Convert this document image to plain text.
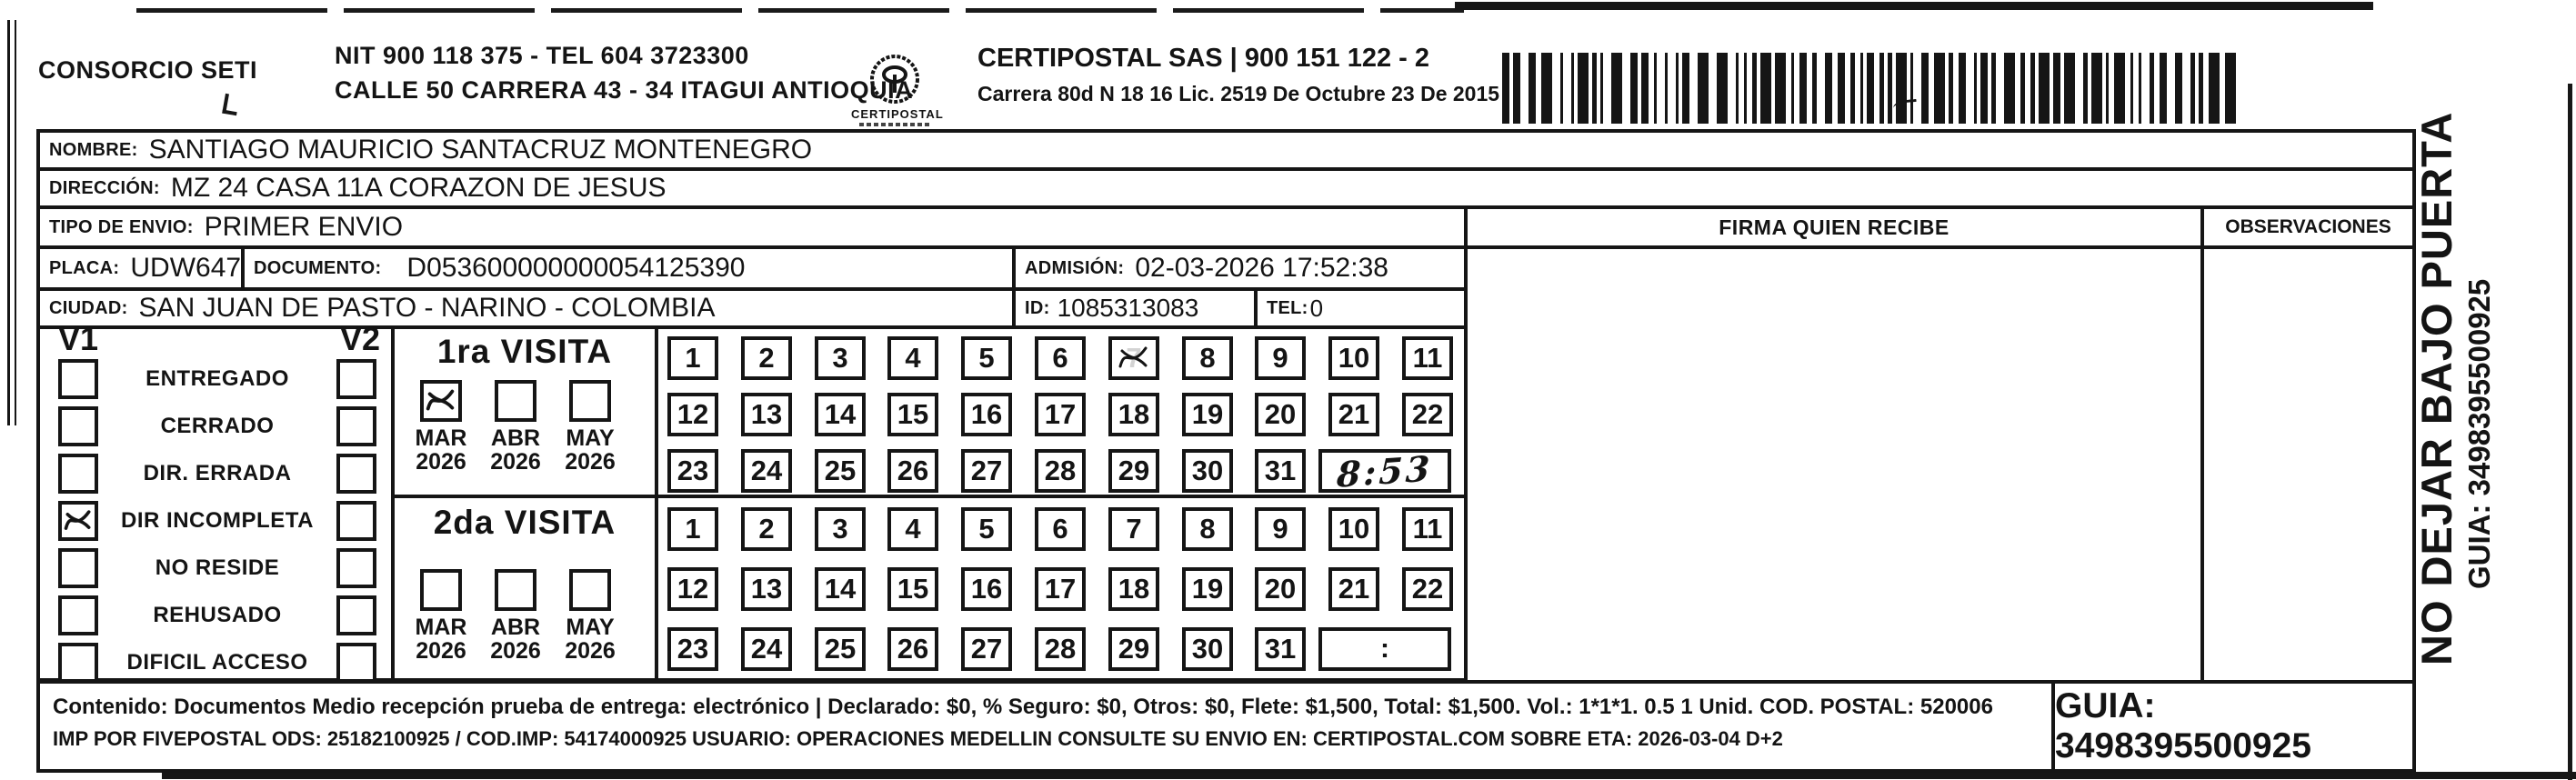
CONSORCIO SETI
NIT 900 118 375 - TEL 604 3723300
CALLE 50 CARRERA 43 - 34 ITAGUI ANTIOQUIA
CERTIPOSTAL
CERTIPOSTAL SAS | 900 151 122 - 2
Carrera 80d N 18 16 Lic. 2519 De Octubre 23 De 2015
NOMBRE: SANTIAGO MAURICIO SANTACRUZ MONTENEGRO
DIRECCIÓN: MZ 24 CASA 11A CORAZON DE JESUS
TIPO DE ENVIO: PRIMER ENVIO	FIRMA QUIEN RECIBE	OBSERVACIONES
PLACA: UDW647 DOCUMENTO: D053600000000054125390	ADMISIÓN: 02-03-2026 17:52:38
CIUDAD: SAN JUAN DE PASTO - NARINO - COLOMBIA	ID: 1085313083	TEL: 0
V1	V2
ENTREGADO
CERRADO
DIR. ERRADA
DIR INCOMPLETA
NO RESIDE
REHUSADO
DIFICIL ACCESO
1ra VISITA
MAR	ABR	MAY
2026	2026	2026
2da VISITA
MAR	ABR	MAY
2026	2026	2026
1 2 3 4 5 6 7 8 9 10 11
12 13 14 15 16 17 18 19 20 21 22
23 24 25 26 27 28 29 30 31 8:53
1 2 3 4 5 6 7 8 9 10 11
12 13 14 15 16 17 18 19 20 21 22
23 24 25 26 27 28 29 30 31	:
Contenido: Documentos Medio recepción prueba de entrega: electrónico | Declarado: $0, % Seguro: $0, Otros: $0, Flete: $1,500, Total: $1,500. Vol.: 1*1*1. 0.5 1 Unid. COD. POSTAL: 520006
IMP POR FIVEPOSTAL ODS: 25182100925 / COD.IMP: 54174000925 USUARIO: OPERACIONES MEDELLIN CONSULTE SU ENVIO EN: CERTIPOSTAL.COM SOBRE ETA: 2026-03-04 D+2
GUIA: 3498395500925
NO DEJAR BAJO PUERTA GUIA: 3498395500925
